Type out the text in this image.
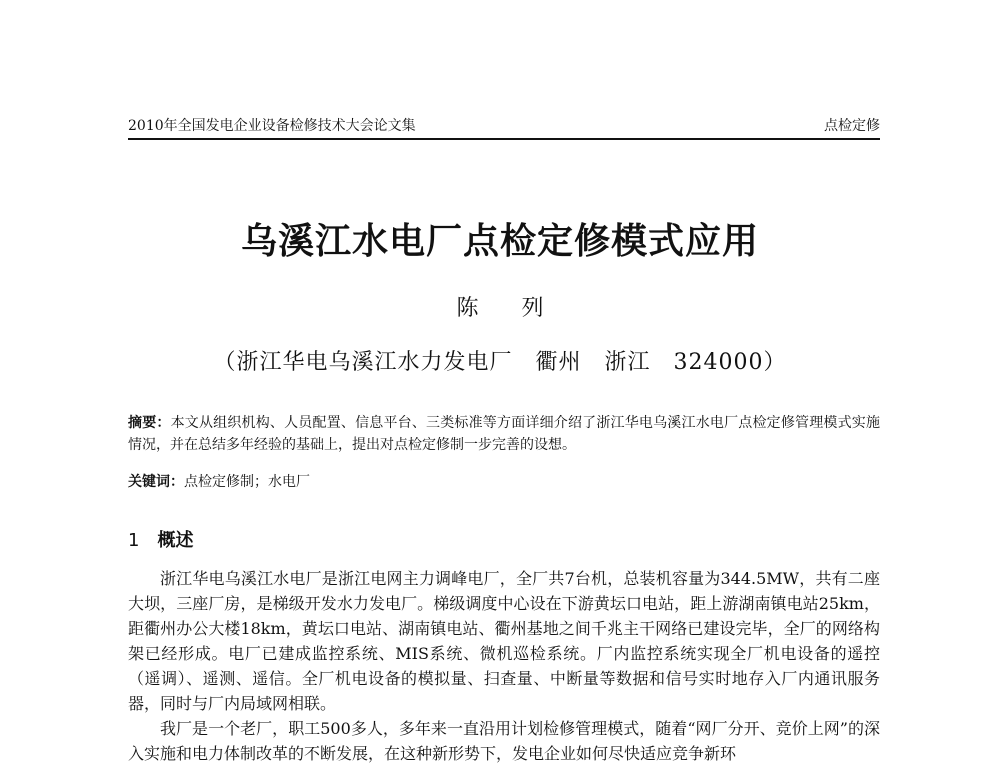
2010年全国发电企业设备检修技术大会论文集	点检定修
乌溪江水电厂点检定修模式应用
陈 列
（浙江华电乌溪江水力发电厂　衢州　浙江　324000）
摘要：本文从组织机构、人员配置、信息平台、三类标准等方面详细介绍了浙江华电乌溪江水电厂点检定修管理模式实施情况，并在总结多年经验的基础上，提出对点检定修制一步完善的设想。
关键词：点检定修制；水电厂
1 概述

浙江华电乌溪江水电厂是浙江电网主力调峰电厂，全厂共7台机，总装机容量为344.5MW，共有二座大坝，三座厂房，是梯级开发水力发电厂。梯级调度中心设在下游黄坛口电站，距上游湖南镇电站25km，距衢州办公大楼18km，黄坛口电站、湖南镇电站、衢州基地之间千兆主干网络已建设完毕，全厂的网络构架已经形成。电厂已建成监控系统、MIS系统、微机巡检系统。厂内监控系统实现全厂机电设备的遥控（遥调）、遥测、遥信。全厂机电设备的模拟量、扫查量、中断量等数据和信号实时地存入厂内通讯服务器，同时与厂内局域网相联。

我厂是一个老厂，职工500多人，多年来一直沿用计划检修管理模式，随着“网厂分开、竞价上网”的深入实施和电力体制改革的不断发展，在这种新形势下，发电企业如何尽快适应竞争新环
